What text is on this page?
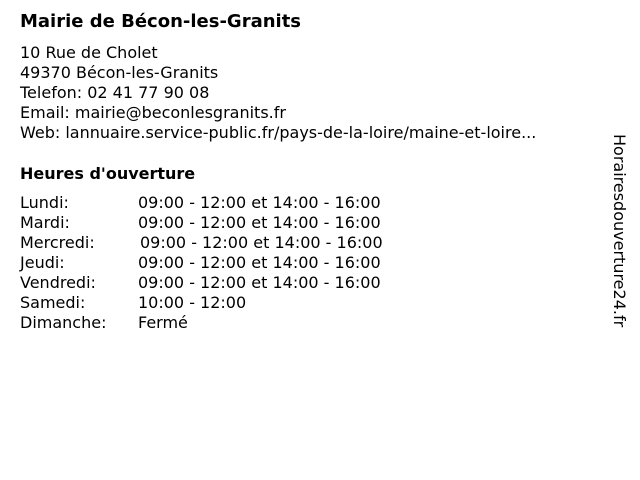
Mairie de Bécon-les-Granits
10 Rue de Cholet
49370 Bécon-les-Granits
Telefon: 02 41 77 90 08
Email: mairie@beconlesgranits.fr
Web: lannuaire.service-public.fr/pays-de-la-loire/maine-et-loire...
Heures d'ouverture
Lundi:	09:00 - 12:00 et 14:00 - 16:00
Mardi:	09:00 - 12:00 et 14:00 - 16:00
Mercredi:	09:00 - 12:00 et 14:00 - 16:00
Jeudi:	09:00 - 12:00 et 14:00 - 16:00
Vendredi:	09:00 - 12:00 et 14:00 - 16:00
Samedi:	10:00 - 12:00
Dimanche: Fermé	Horairesdouverture24.fr
